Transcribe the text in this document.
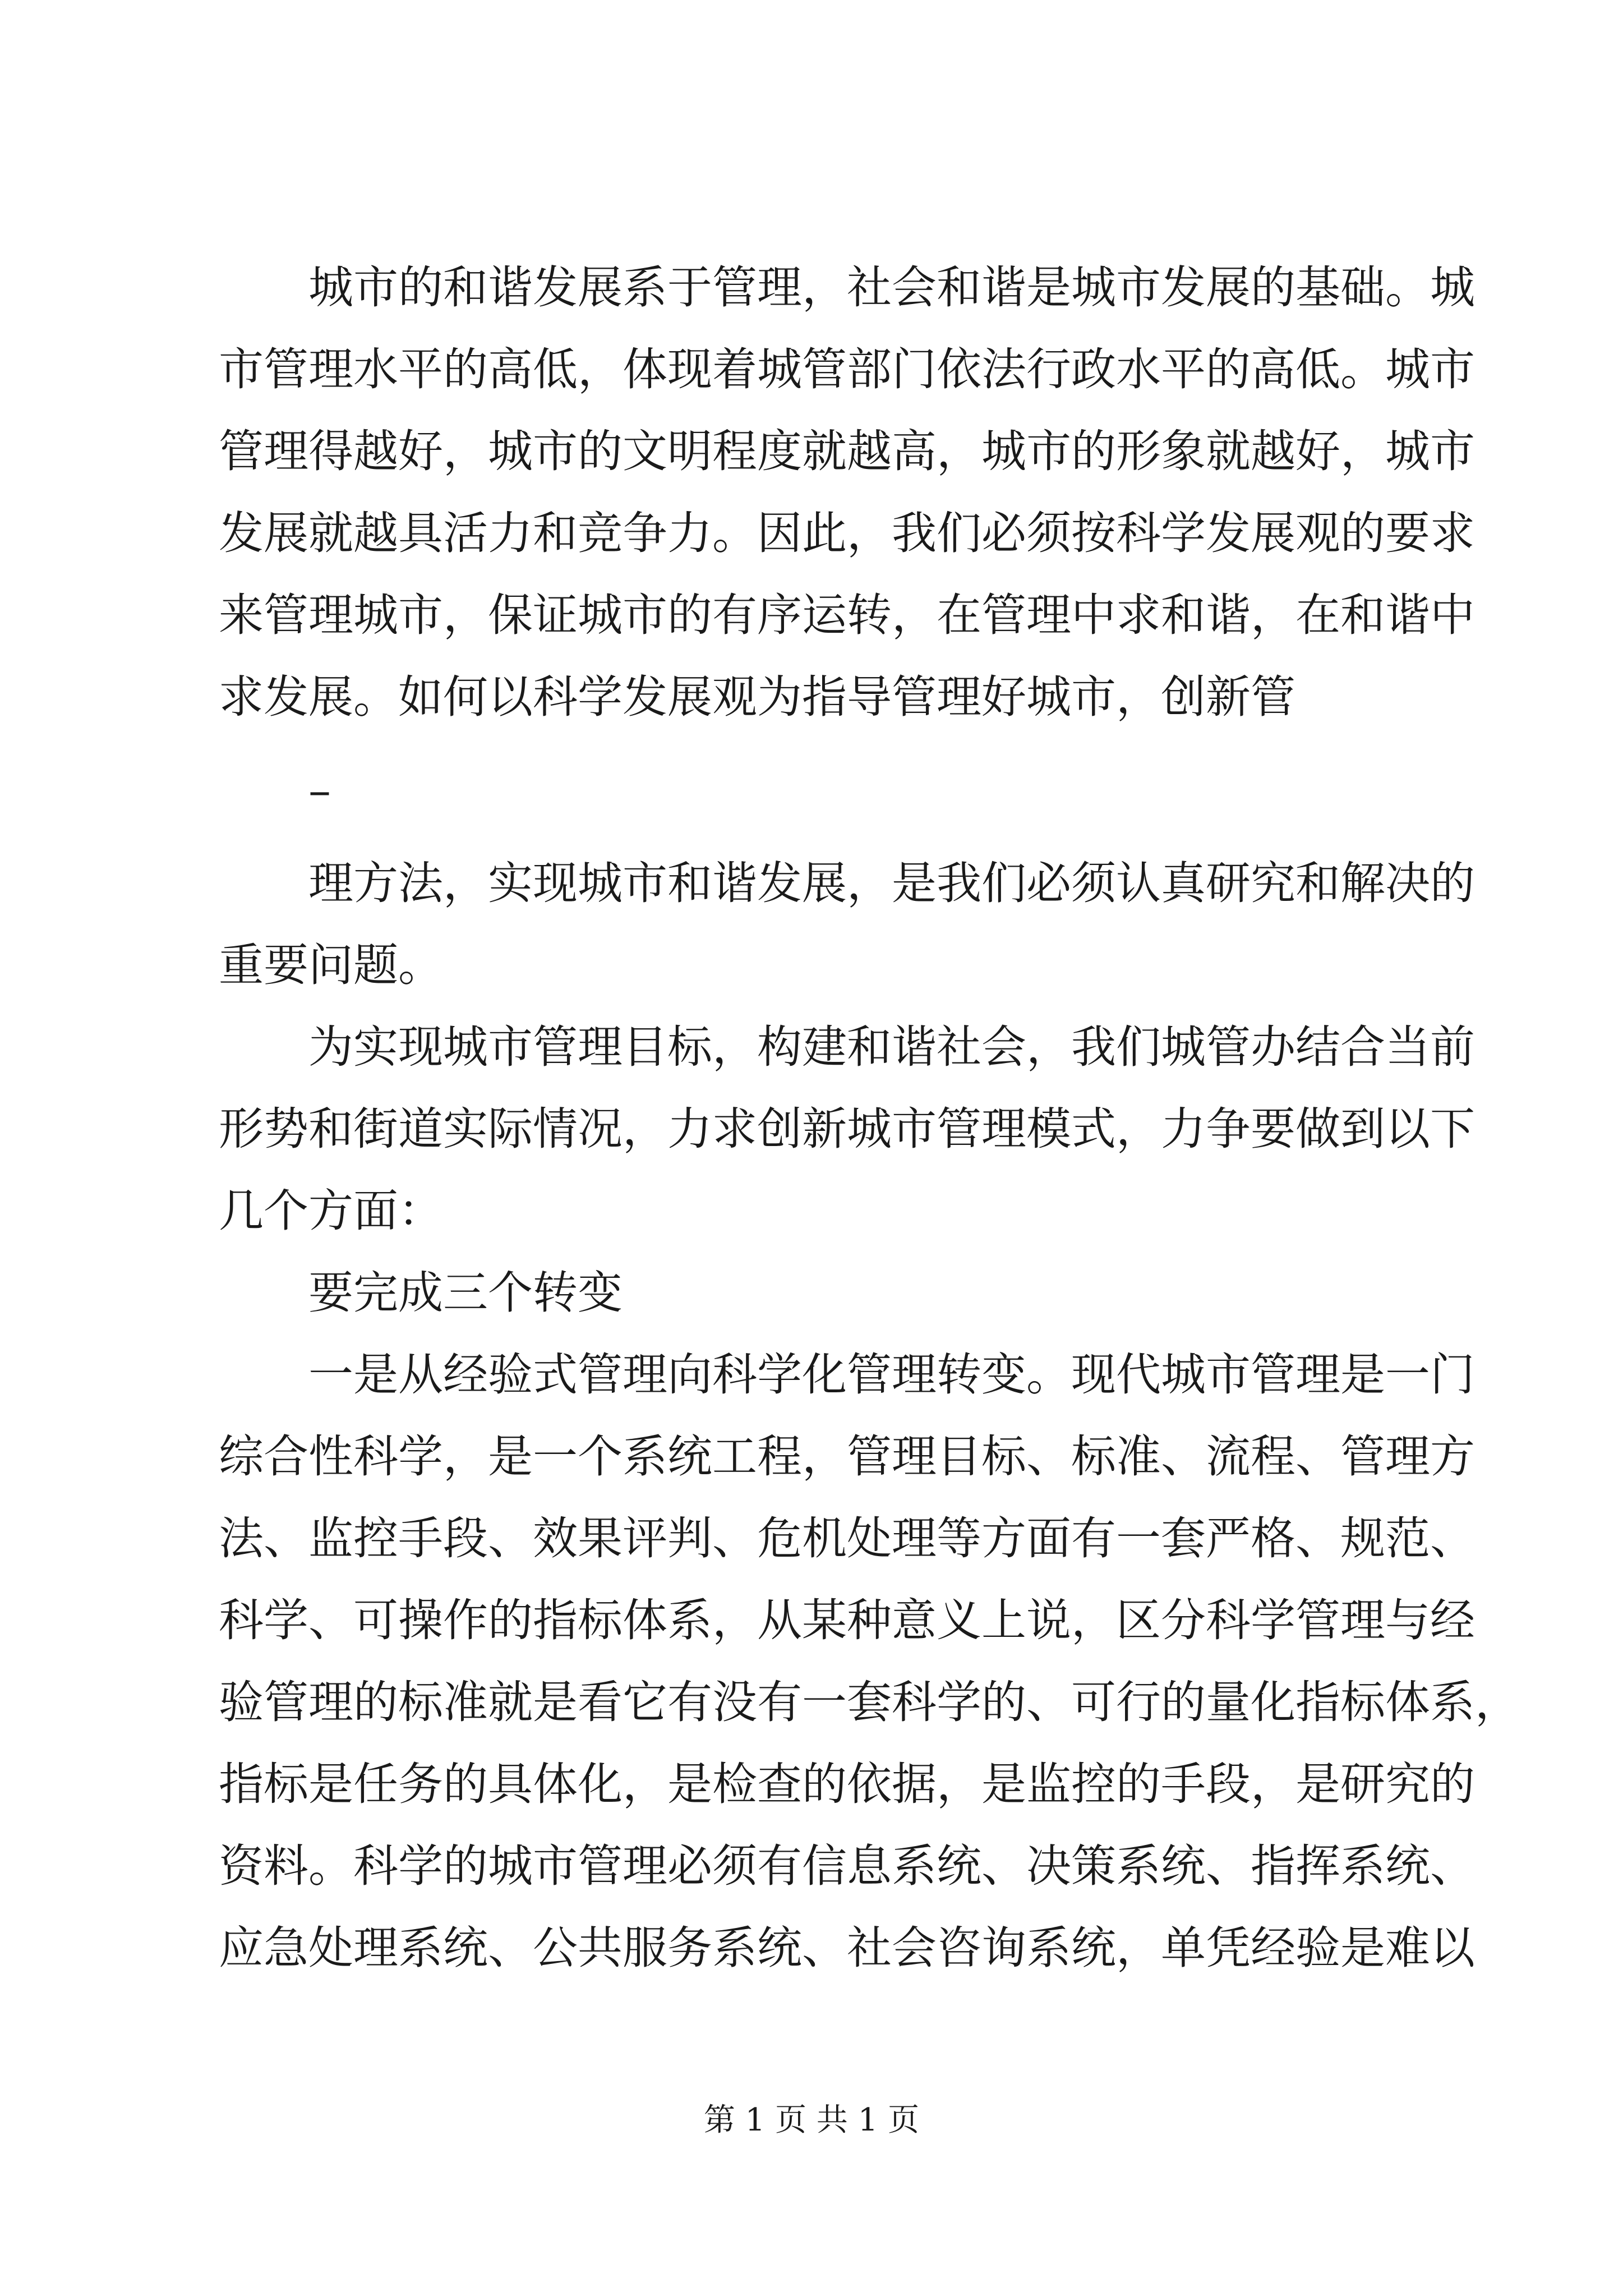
城 市 的 和 谐 发 展 系 于 管 理 ， 社 会 和 谐 是 城 市 发 展 的 基 础 。 城
市 管 理 水 平 的 高 低 ， 体 现 着 城 管 部 门 依 法 行 政 水 平 的 高 低 。 城 市
管 理 得 越 好 ， 城 市 的 文 明 程 度 就 越 高 ， 城 市 的 形 象 就 越 好 ， 城 市
发 展 就 越 具 活 力 和 竞 争 力 。 因 此 ， 我 们 必 须 按 科 学 发 展 观 的 要 求
来 管 理 城 市 ， 保 证 城 市 的 有 序 运 转 ， 在 管 理 中 求 和 谐 ， 在 和 谐 中
求发展。如何以科学发展观为指导管理好城市，创新管
–
理 方 法 ， 实 现 城 市 和 谐 发 展 ， 是 我 们 必 须 认 真 研 究 和 解 决 的
重要问题。
为 实 现 城 市 管 理 目 标 ， 构 建 和 谐 社 会 ， 我 们 城 管 办 结 合 当 前
形 势 和 街 道 实 际 情 况 ， 力 求 创 新 城 市 管 理 模 式 ， 力 争 要 做 到 以 下
几个方面：
要完成三个转变
一 是 从 经 验 式 管 理 向 科 学 化 管 理 转 变 。 现 代 城 市 管 理 是 一 门
综 合 性 科 学 ， 是 一 个 系 统 工 程 ， 管 理 目 标 、 标 准 、 流 程 、 管 理 方
法 、 监 控 手 段 、 效 果 评 判 、 危 机 处 理 等 方 面 有 一 套 严 格 、 规 范 、
科 学 、 可 操 作 的 指 标 体 系 ， 从 某 种 意 义 上 说 ， 区 分 科 学 管 理 与 经
验 管 理 的 标 准 就 是 看 它 有 没 有 一 套 科 学 的 、 可 行 的 量 化 指 标 体 系 ，
指 标 是 任 务 的 具 体 化 ， 是 检 查 的 依 据 ， 是 监 控 的 手 段 ， 是 研 究 的
资 料 。 科 学 的 城 市 管 理 必 须 有 信 息 系 统 、 决 策 系 统 、 指 挥 系 统 、
应 急 处 理 系 统 、 公 共 服 务 系 统 、 社 会 咨 询 系 统 ， 单 凭 经 验 是 难 以
第 1 页 共 1 页
